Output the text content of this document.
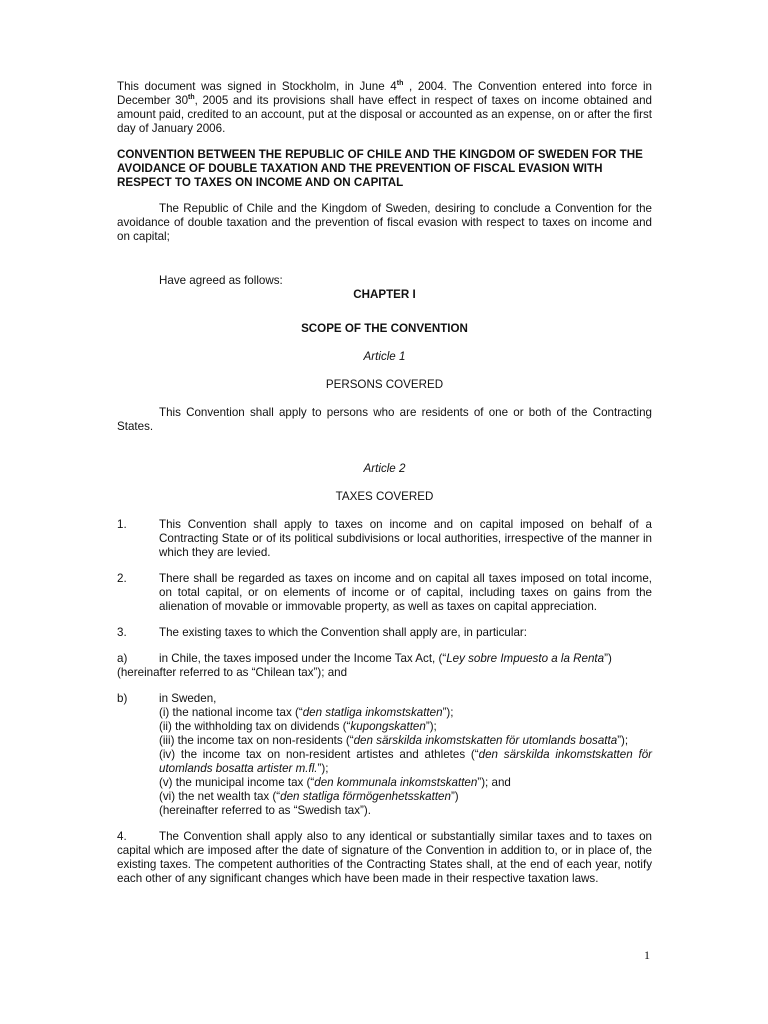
This document was signed in Stockholm, in June 4th , 2004. The Convention entered into force in December 30th, 2005 and its provisions shall have effect in respect of taxes on income obtained and amount paid, credited to an account, put at the disposal or accounted as an expense, on or after the first day of January 2006.

CONVENTION BETWEEN THE REPUBLIC OF CHILE AND THE KINGDOM OF SWEDEN FOR THE AVOIDANCE OF DOUBLE TAXATION AND THE PREVENTION OF FISCAL EVASION WITH RESPECT TO TAXES ON INCOME AND ON CAPITAL

The Republic of Chile and the Kingdom of Sweden, desiring to conclude a Convention for the avoidance of double taxation and the prevention of fiscal evasion with respect to taxes on income and on capital;

Have agreed as follows:

CHAPTER I

SCOPE OF THE CONVENTION

Article 1

PERSONS COVERED

This Convention shall apply to persons who are residents of one or both of the Contracting States.

Article 2

TAXES COVERED

1.	This Convention shall apply to taxes on income and on capital imposed on behalf of a Contracting State or of its political subdivisions or local authorities, irrespective of the manner in which they are levied.
2.	There shall be regarded as taxes on income and on capital all taxes imposed on total income, on total capital, or on elements of income or of capital, including taxes on gains from the alienation of movable or immovable property, as well as taxes on capital appreciation.
3.	The existing taxes to which the Convention shall apply are, in particular:
a)	in Chile, the taxes imposed under the Income Tax Act, (“Ley sobre Impuesto a la Renta”)
(hereinafter referred to as “Chilean tax”); and
b)	in Sweden,
(i) the national income tax (“den statliga inkomstskatten”);
(ii) the withholding tax on dividends (“kupongskatten”);
(iii) the income tax on non-residents (“den särskilda inkomstskatten för utomlands bosatta”);
(iv) the income tax on non-resident artistes and athletes (“den särskilda inkomstskatten för utomlands bosatta artister m.fl.”);
(v) the municipal income tax (“den kommunala inkomstskatten”); and
(vi) the net wealth tax (“den statliga förmögenhetsskatten”)
(hereinafter referred to as “Swedish tax”).

4.	The Convention shall apply also to any identical or substantially similar taxes and to taxes on capital which are imposed after the date of signature of the Convention in addition to, or in place of, the existing taxes. The competent authorities of the Contracting States shall, at the end of each year, notify each other of any significant changes which have been made in their respective taxation laws.

1
